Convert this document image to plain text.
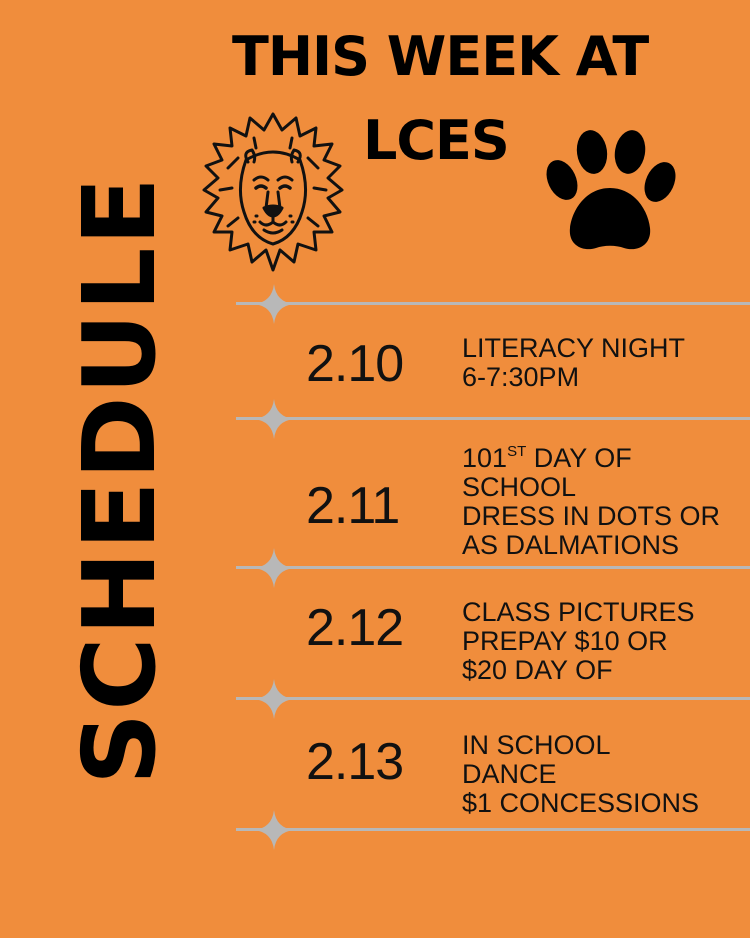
SCHEDULE
THIS WEEK AT
LCES
2.10 LITERACY NIGHT
6-7:30PM
2.11
101ST DAY OF
SCHOOL
DRESS IN DOTS OR
AS DALMATIONS
2.12 CLASS PICTURES
PREPAY $10 OR
$20 DAY OF
2.13 IN SCHOOL
DANCE
$1 CONCESSIONS
